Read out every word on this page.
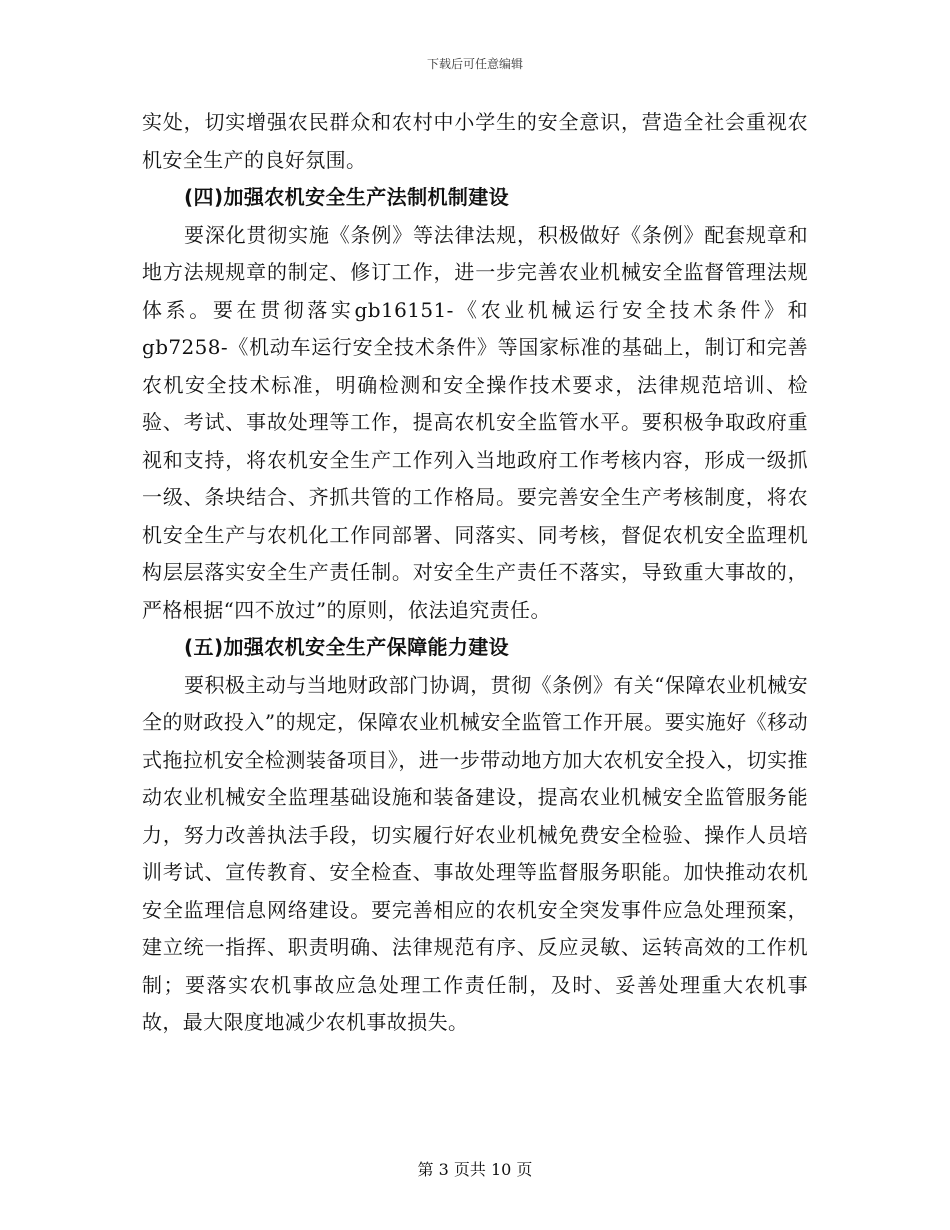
下载后可任意编辑

实处，切实增强农民群众和农村中小学生的安全意识，营造全社会重视农机安全生产的良好氛围。

(四)加强农机安全生产法制机制建设

要深化贯彻实施《条例》等法律法规，积极做好《条例》配套规章和地方法规规章的制定、修订工作，进一步完善农业机械安全监督管理法规体系。要在贯彻落实gb16151-《农业机械运行安全技术条件》和gb7258-《机动车运行安全技术条件》等国家标准的基础上，制订和完善农机安全技术标准，明确检测和安全操作技术要求，法律规范培训、检验、考试、事故处理等工作，提高农机安全监管水平。要积极争取政府重视和支持，将农机安全生产工作列入当地政府工作考核内容，形成一级抓一级、条块结合、齐抓共管的工作格局。要完善安全生产考核制度，将农机安全生产与农机化工作同部署、同落实、同考核，督促农机安全监理机构层层落实安全生产责任制。对安全生产责任不落实，导致重大事故的，严格根据“四不放过”的原则，依法追究责任。

(五)加强农机安全生产保障能力建设

要积极主动与当地财政部门协调，贯彻《条例》有关“保障农业机械安全的财政投入”的规定，保障农业机械安全监管工作开展。要实施好《移动式拖拉机安全检测装备项目》，进一步带动地方加大农机安全投入，切实推动农业机械安全监理基础设施和装备建设，提高农业机械安全监管服务能力，努力改善执法手段，切实履行好农业机械免费安全检验、操作人员培训考试、宣传教育、安全检查、事故处理等监督服务职能。加快推动农机安全监理信息网络建设。要完善相应的农机安全突发事件应急处理预案，建立统一指挥、职责明确、法律规范有序、反应灵敏、运转高效的工作机制；要落实农机事故应急处理工作责任制，及时、妥善处理重大农机事故，最大限度地减少农机事故损失。

第 3 页共 10 页
